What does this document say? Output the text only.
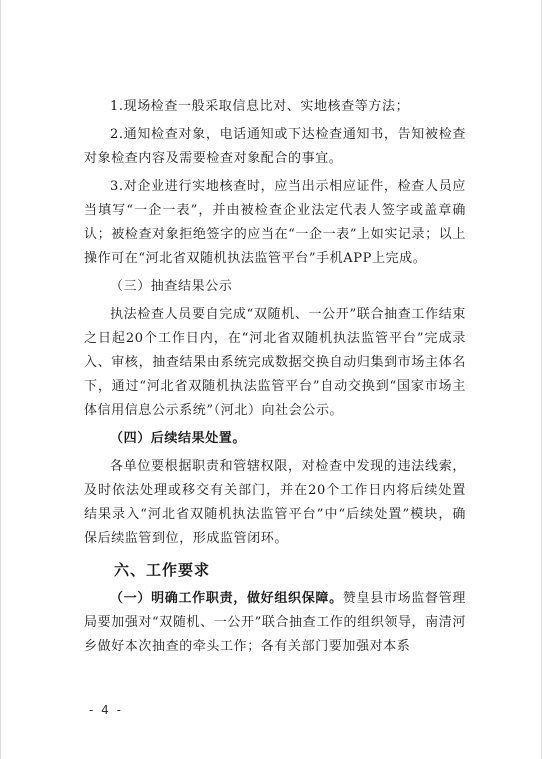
1.现场检查一般采取信息比对、实地核查等方法；

2.通知检查对象，电话通知或下达检查通知书，告知被检查对象检查内容及需要检查对象配合的事宜。

3.对企业进行实地核查时，应当出示相应证件，检查人员应当填写“一企一表”，并由被检查企业法定代表人签字或盖章确认；被检查对象拒绝签字的应当在“一企一表”上如实记录；以上操作可在“河北省双随机执法监管平台”手机APP上完成。

（三）抽查结果公示

执法检查人员要自完成“双随机、一公开”联合抽查工作结束之日起20个工作日内，在“河北省双随机执法监管平台”完成录入、审核，抽查结果由系统完成数据交换自动归集到市场主体名下，通过“河北省双随机执法监管平台”自动交换到“国家市场主体信用信息公示系统”（河北）向社会公示。

（四）后续结果处置。

各单位要根据职责和管辖权限，对检查中发现的违法线索，及时依法处理或移交有关部门，并在20个工作日内将后续处置结果录入“河北省双随机执法监管平台”中“后续处置”模块，确保后续监管到位，形成监管闭环。

六、工作要求

（一）明确工作职责，做好组织保障。赞皇县市场监督管理局要加强对“双随机、一公开”联合抽查工作的组织领导，南清河乡做好本次抽查的牵头工作；各有关部门要加强对本系

- 4 -
